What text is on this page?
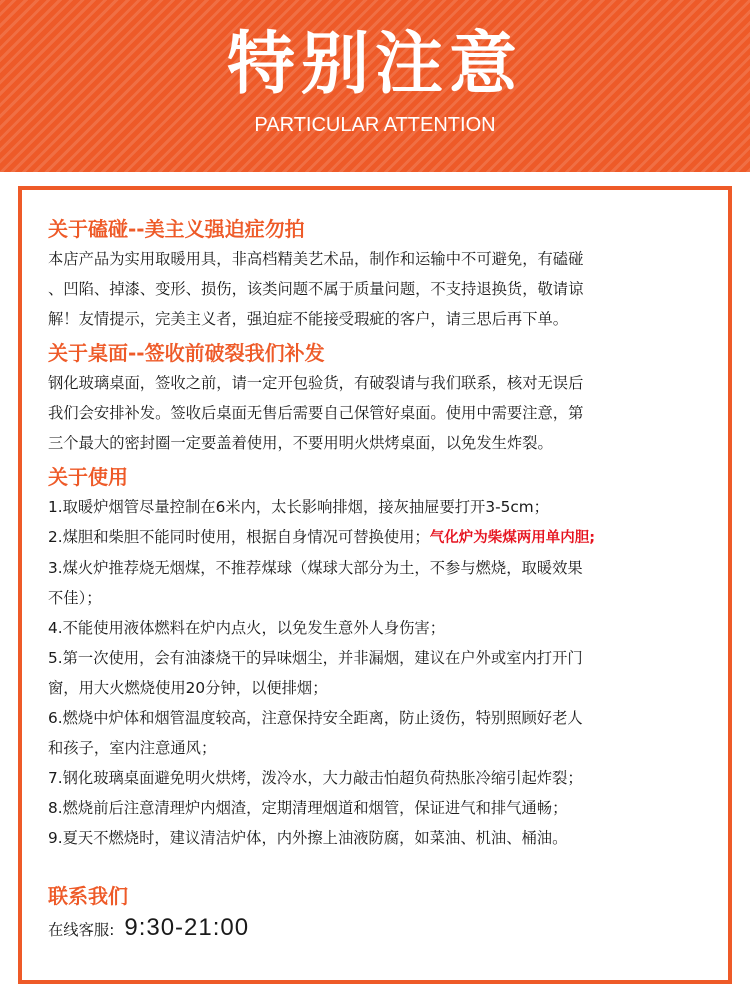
特别注意
PARTICULAR ATTENTION
关于磕碰--美主义强迫症勿拍
本店产品为实用取暖用具，非高档精美艺术品，制作和运输中不可避免，有磕碰
、凹陷、掉漆、变形、损伤，该类问题不属于质量问题，不支持退换货，敬请谅
解！友情提示，完美主义者，强迫症不能接受瑕疵的客户，请三思后再下单。
关于桌面--签收前破裂我们补发
钢化玻璃桌面，签收之前，请一定开包验货，有破裂请与我们联系，核对无误后
我们会安排补发。签收后桌面无售后需要自己保管好桌面。使用中需要注意，第
三个最大的密封圈一定要盖着使用，不要用明火烘烤桌面，以免发生炸裂。
关于使用
1.取暖炉烟管尽量控制在6米内，太长影响排烟，接灰抽屉要打开3-5cm；
2.煤胆和柴胆不能同时使用，根据自身情况可替换使用；气化炉为柴煤两用单内胆;
3.煤火炉推荐烧无烟煤，不推荐煤球（煤球大部分为土，不参与燃烧，取暖效果
不佳）；
4.不能使用液体燃料在炉内点火，以免发生意外人身伤害；
5.第一次使用，会有油漆烧干的异味烟尘，并非漏烟，建议在户外或室内打开门
窗，用大火燃烧使用20分钟，以便排烟；
6.燃烧中炉体和烟管温度较高，注意保持安全距离，防止烫伤，特别照顾好老人
和孩子，室内注意通风；
7.钢化玻璃桌面避免明火烘烤，泼冷水，大力敲击怕超负荷热胀冷缩引起炸裂；
8.燃烧前后注意清理炉内烟渣，定期清理烟道和烟管，保证进气和排气通畅；
9.夏天不燃烧时，建议清洁炉体，内外擦上油液防腐，如菜油、机油、桶油。
联系我们
在线客服: 9:30-21:00
